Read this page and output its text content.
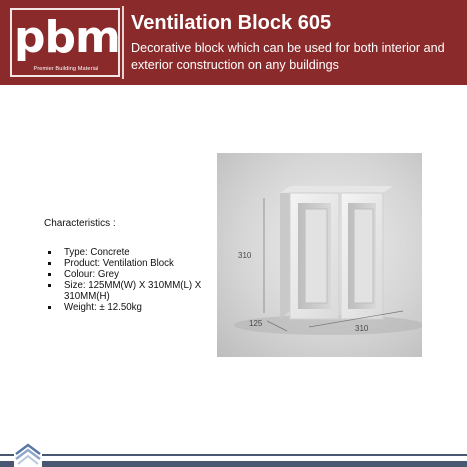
pbm
Premier Building Material
Ventilation Block 605
Decorative block which can be used for both interior and exterior construction on any buildings
Characteristics :
Type: Concrete
Product: Ventilation Block
Colour: Grey
Size: 125MM(W) X 310MM(L) X 310MM(H)
Weight: ± 12.50kg
310
125
310
